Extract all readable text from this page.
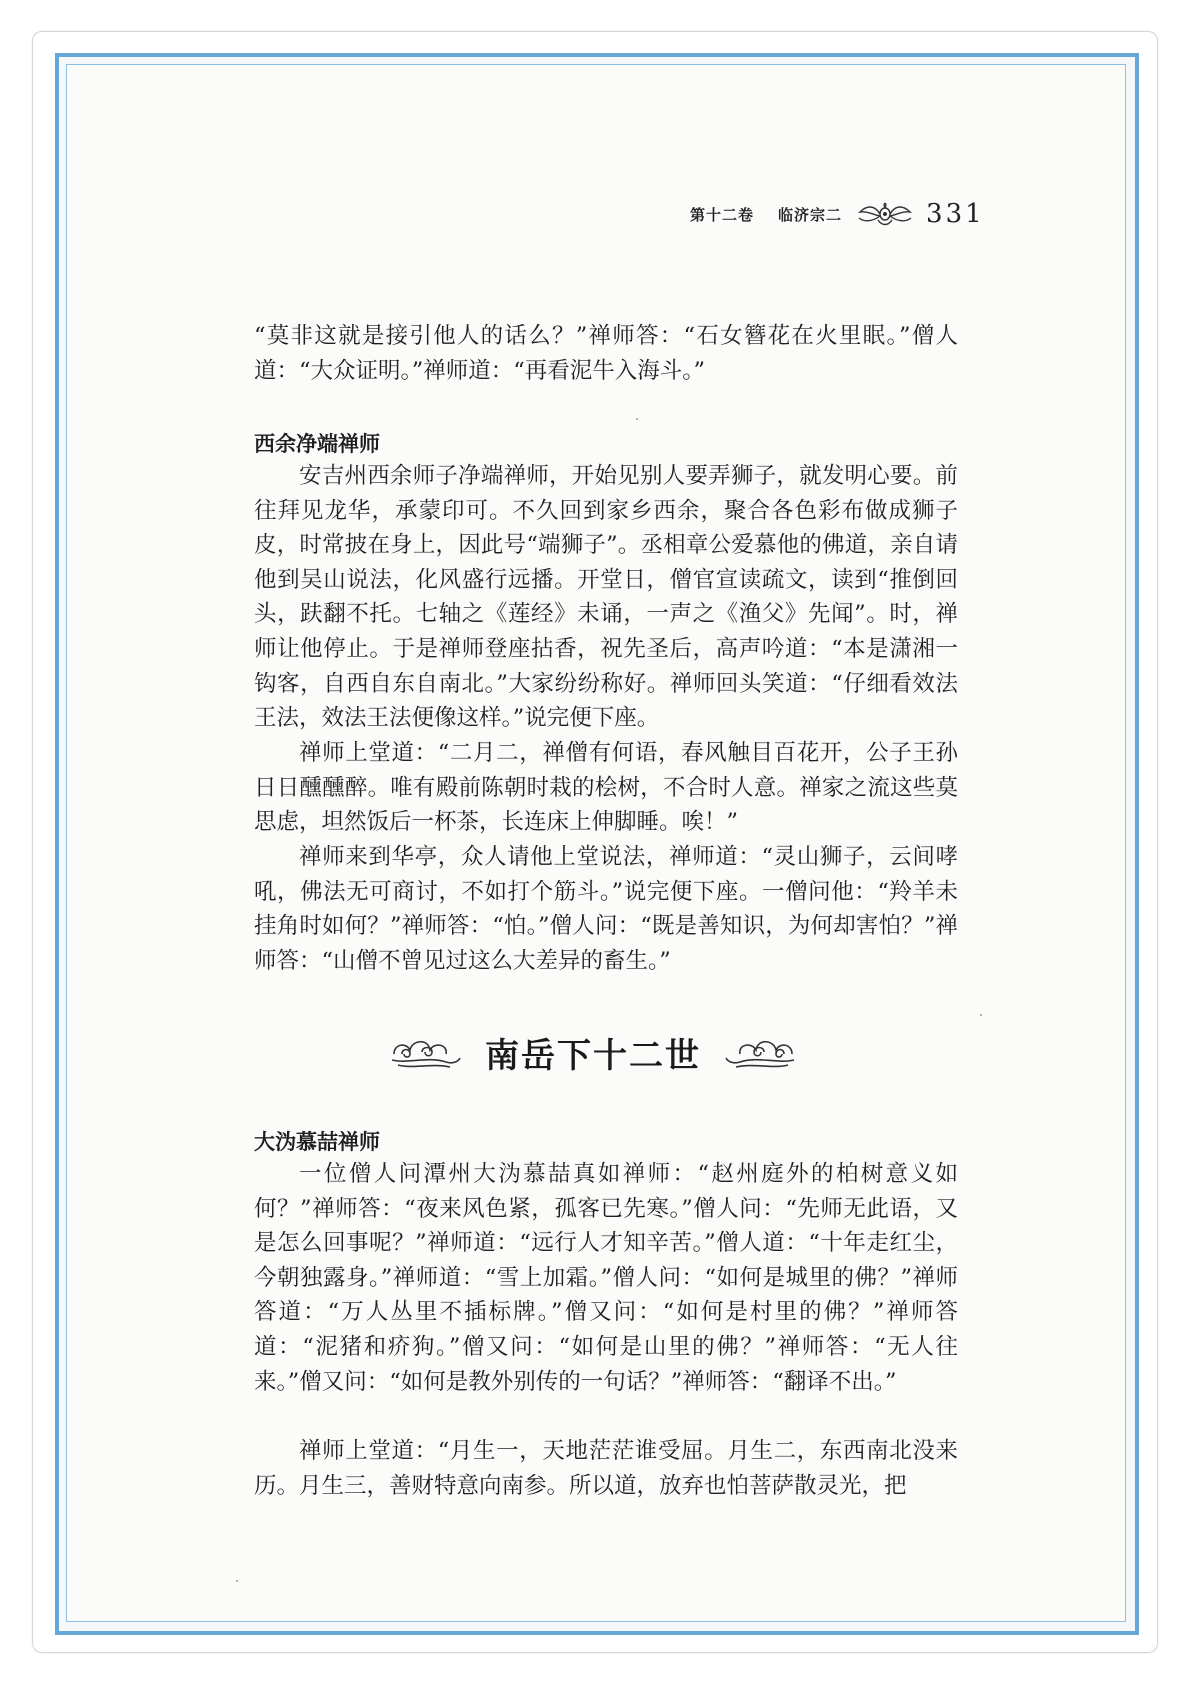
第十二卷 临济宗二	331

“莫非这就是接引他人的话么？”禅师答：“石女簪花在火里眠。”僧人道：“大众证明。”禅师道：“再看泥牛入海斗。”

西余净端禅师

安吉州西余师子净端禅师，开始见别人要弄狮子，就发明心要。前往拜见龙华，承蒙印可。不久回到家乡西余，聚合各色彩布做成狮子皮，时常披在身上，因此号“端狮子”。丞相章公爱慕他的佛道，亲自请他到吴山说法，化风盛行远播。开堂日，僧官宣读疏文，读到“推倒回头，趺翻不托。七轴之《莲经》未诵，一声之《渔父》先闻”。时，禅师让他停止。于是禅师登座拈香，祝先圣后，高声吟道：“本是潇湘一钩客，自西自东自南北。”大家纷纷称好。禅师回头笑道：“仔细看效法王法，效法王法便像这样。”说完便下座。

禅师上堂道：“二月二，禅僧有何语，春风触目百花开，公子王孙日日醺醺醉。唯有殿前陈朝时栽的桧树，不合时人意。禅家之流这些莫思虑，坦然饭后一杯茶，长连床上伸脚睡。唉！”

禅师来到华亭，众人请他上堂说法，禅师道：“灵山狮子，云间哮吼，佛法无可商讨，不如打个筋斗。”说完便下座。一僧问他：“羚羊未挂角时如何？”禅师答：“怕。”僧人问：“既是善知识，为何却害怕？”禅师答：“山僧不曾见过这么大差异的畜生。”

南岳下十二世
大沩慕喆禅师

一位僧人问潭州大沩慕喆真如禅师：“赵州庭外的柏树意义如何？”禅师答：“夜来风色紧，孤客已先寒。”僧人问：“先师无此语，又是怎么回事呢？”禅师道：“远行人才知辛苦。”僧人道：“十年走红尘，今朝独露身。”禅师道：“雪上加霜。”僧人问：“如何是城里的佛？”禅师答道：“万人丛里不插标牌。”僧又问：“如何是村里的佛？”禅师答道：“泥猪和疥狗。”僧又问：“如何是山里的佛？”禅师答：“无人往来。”僧又问：“如何是教外别传的一句话？”禅师答：“翻译不出。”

禅师上堂道：“月生一，天地茫茫谁受屈。月生二，东西南北没来历。月生三，善财特意向南参。所以道，放弃也怕菩萨散灵光，把
